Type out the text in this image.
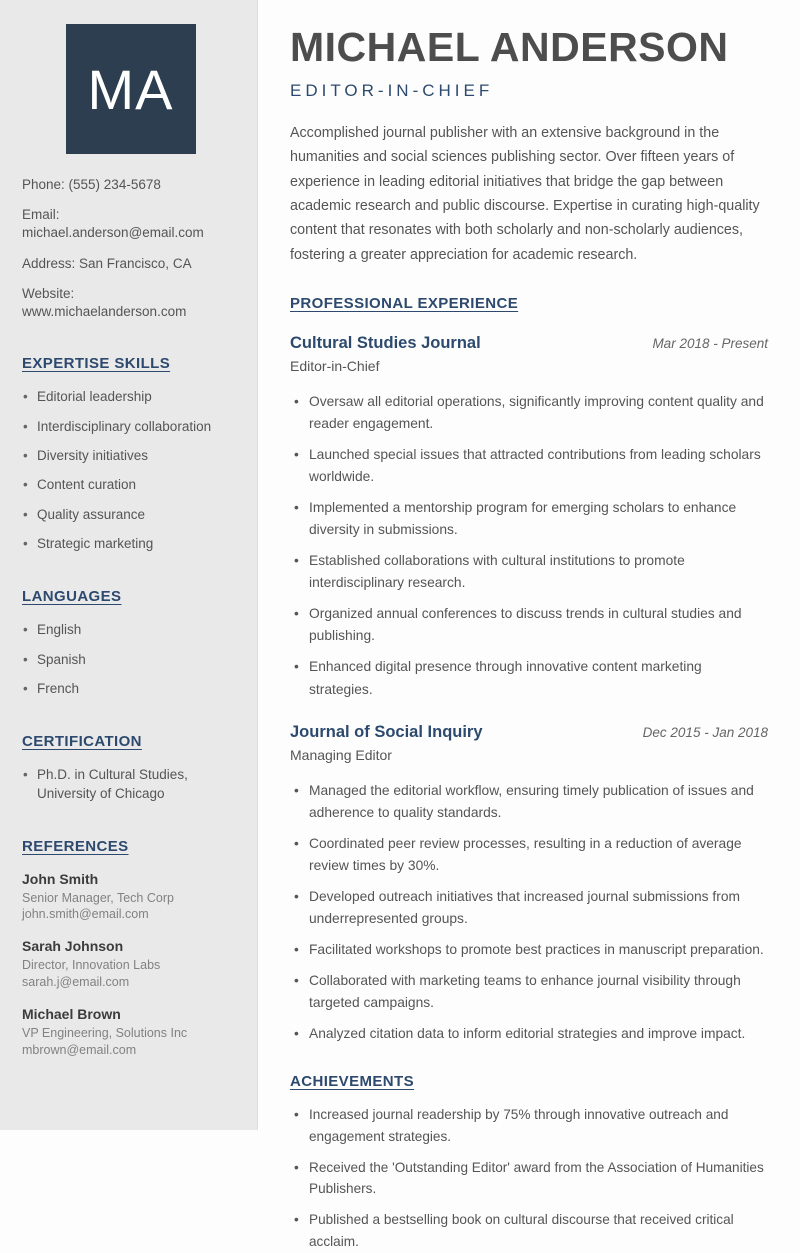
MA

Phone: (555) 234-5678

Email: michael.anderson@email.com

Address: San Francisco, CA

Website: www.michaelanderson.com

EXPERTISE SKILLS
• Editorial leadership
• Interdisciplinary collaboration
• Diversity initiatives
• Content curation
• Quality assurance
• Strategic marketing
LANGUAGES
• English
• Spanish
• French
CERTIFICATION
• Ph.D. in Cultural Studies, University of Chicago
REFERENCES
John Smith
Senior Manager, Tech Corp
john.smith@email.com
Sarah Johnson
Director, Innovation Labs
sarah.j@email.com
Michael Brown
VP Engineering, Solutions Inc
mbrown@email.com
MICHAEL ANDERSON
EDITOR-IN-CHIEF

Accomplished journal publisher with an extensive background in the humanities and social sciences publishing sector. Over fifteen years of experience in leading editorial initiatives that bridge the gap between academic research and public discourse. Expertise in curating high-quality content that resonates with both scholarly and non-scholarly audiences, fostering a greater appreciation for academic research.

PROFESSIONAL EXPERIENCE
Cultural Studies Journal	Mar 2018 - Present
Editor-in-Chief
• Oversaw all editorial operations, significantly improving content quality and reader engagement.
• Launched special issues that attracted contributions from leading scholars worldwide.
• Implemented a mentorship program for emerging scholars to enhance diversity in submissions.
• Established collaborations with cultural institutions to promote interdisciplinary research.
• Organized annual conferences to discuss trends in cultural studies and publishing.
• Enhanced digital presence through innovative content marketing strategies.
Journal of Social Inquiry	Dec 2015 - Jan 2018
Managing Editor
• Managed the editorial workflow, ensuring timely publication of issues and adherence to quality standards.
• Coordinated peer review processes, resulting in a reduction of average review times by 30%.
• Developed outreach initiatives that increased journal submissions from underrepresented groups.
• Facilitated workshops to promote best practices in manuscript preparation.
• Collaborated with marketing teams to enhance journal visibility through targeted campaigns.
• Analyzed citation data to inform editorial strategies and improve impact.
ACHIEVEMENTS
• Increased journal readership by 75% through innovative outreach and engagement strategies.
• Received the 'Outstanding Editor' award from the Association of Humanities Publishers.
• Published a bestselling book on cultural discourse that received critical acclaim.
